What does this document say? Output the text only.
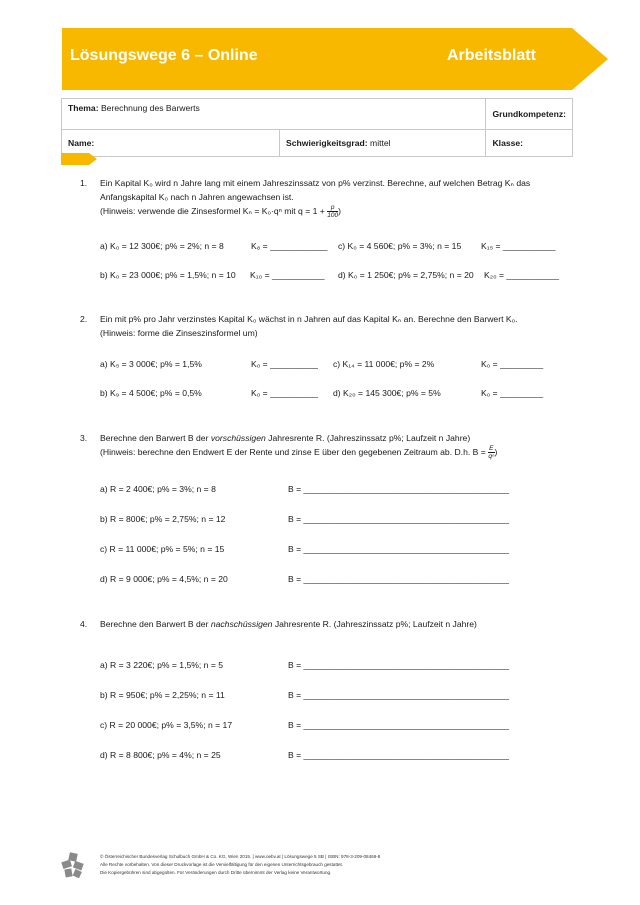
Lösungswege 6 – Online	Arbeitsblatt
Thema: Berechnung des Barwerts		Grundkompetenz:
Name:	Schwierigkeitsgrad: mittel	Klasse:
1. Ein Kapital K₀ wird n Jahre lang mit einem Jahreszinssatz von p% verzinst. Berechne, auf welchen Betrag Kₙ das
Anfangskapital K₀ nach n Jahren angewachsen ist.
(Hinweis: verwende die Zinsesformel Kₙ = K₀·qⁿ mit $q = 1 + \frac{p}{100}$ )
a) K₀ = 12 300€; p% = 2%; n = 8	K₈ = ____________ c) K₀ = 4 560€; p% = 3%; n = 15 K₁₅ = ___________
b) K₀ = 23 000€; p% = 1,5%; n = 10 K₁₀ = ___________ d) K₀ = 1 250€; p% = 2,75%; n = 20 K₂₀ = ___________
2. Ein mit p% pro Jahr verzinstes Kapital K₀ wächst in n Jahren auf das Kapital Kₙ an. Berechne den Barwert K₀.
(Hinweis: forme die Zinseszinsformel um)
a) K₅ = 3 000€; p% = 1,5%	K₀ = __________ c) K₁₄ = 11 000€; p% = 2%	K₀ = _________
b) K₉ = 4 500€; p% = 0,5%	K₀ = __________ d) K₂₀ = 145 300€; p% = 5%	K₀ = _________
3. Berechne den Barwert B der vorschüssigen Jahresrente R. (Jahreszinssatz p%; Laufzeit n Jahre)
(Hinweis: berechne den Endwert E der Rente und zinse E über den gegebenen Zeitraum ab. D.h. $B = \frac{E}{\text{qⁿ}}$ )
a) R = 2 400€; p% = 3%; n = 8	B = ___________________________________________
b) R = 800€; p% = 2,75%; n = 12	B = ___________________________________________
c) R = 11 000€; p% = 5%; n = 15	B = ___________________________________________
d) R = 9 000€; p% = 4,5%; n = 20	B = ___________________________________________
4. Berechne den Barwert B der nachschüssigen Jahresrente R. (Jahreszinssatz p%; Laufzeit n Jahre)
a) R = 3 220€; p% = 1,5%; n = 5	B = ___________________________________________
b) R = 950€; p% = 2,25%; n = 11	B = ___________________________________________
c) R = 20 000€; p% = 3,5%; n = 17	B = ___________________________________________
d) R = 8 800€; p% = 4%; n = 25	B = ___________________________________________
© Österreichischer Bundesverlag Schulbuch GmbH & Co. KG, Wien 2015. | www.oebv.at | Lösungswege 5 SB | ISBN: 978-3-209-08466-8
Alle Rechte vorbehalten. Von dieser Druckvorlage ist die Vervielfältigung für den eigenen Unterrichtsgebrauch gestattet.
Die Kopiergebühren sind abgegolten. Für Veränderungen durch Dritte übernimmt der Verlag keine Verantwortung.
